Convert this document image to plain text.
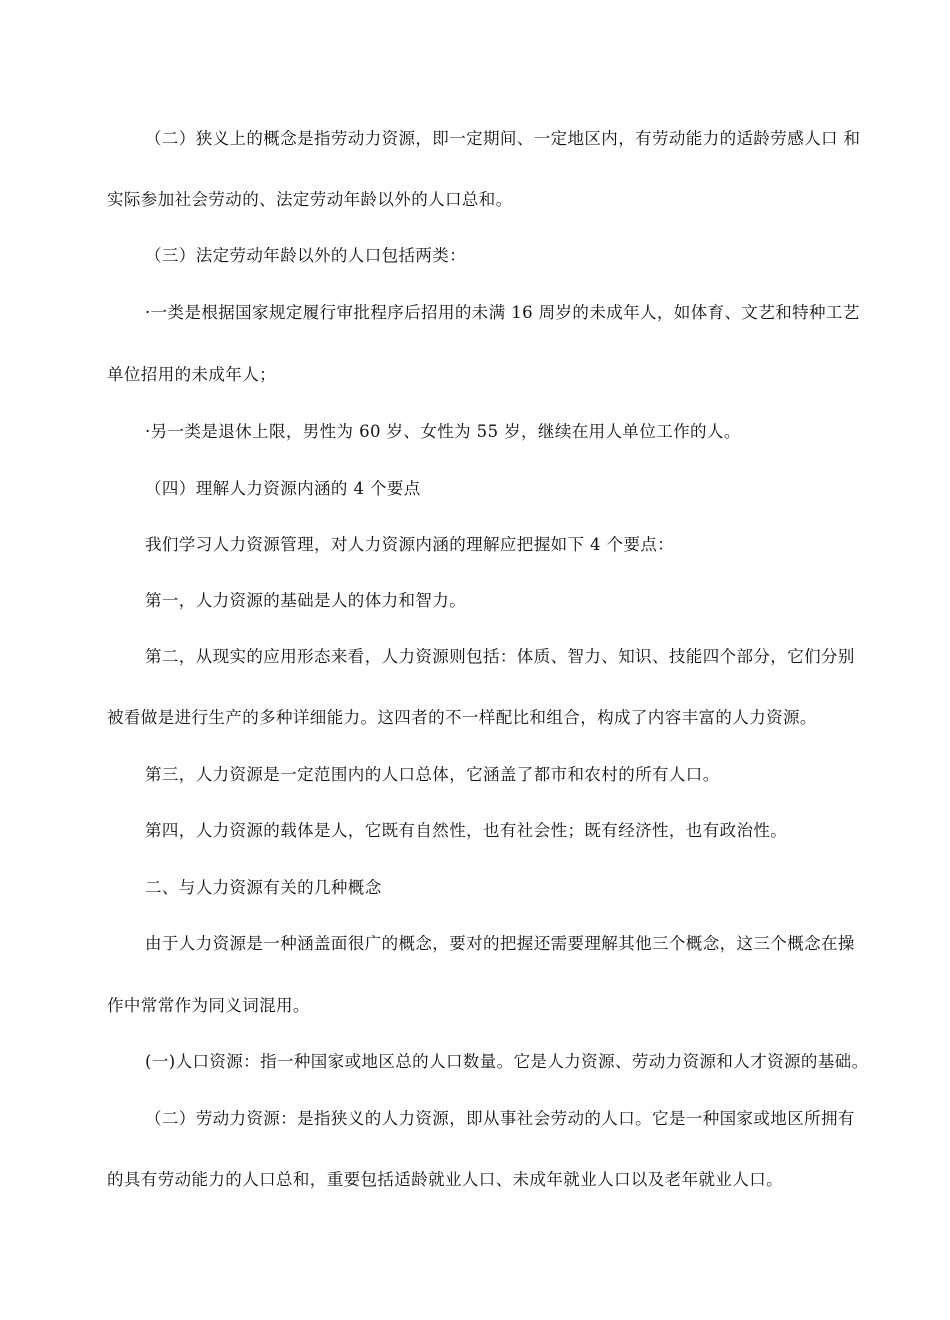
（二）狭义上的概念是指劳动力资源，即一定期间、一定地区内，有劳动能力的适龄劳感人口 和
实际参加社会劳动的、法定劳动年龄以外的人口总和。
（三）法定劳动年龄以外的人口包括两类：
·一类是根据国家规定履行审批程序后招用的未满 16 周岁的未成年人，如体育、文艺和特种工艺
单位招用的未成年人；
·另一类是退休上限，男性为 60 岁、女性为 55 岁，继续在用人单位工作的人。
（四）理解人力资源内涵的 4 个要点
我们学习人力资源管理，对人力资源内涵的理解应把握如下 4 个要点：
第一，人力资源的基础是人的体力和智力。
第二，从现实的应用形态来看，人力资源则包括：体质、智力、知识、技能四个部分，它们分别
被看做是进行生产的多种详细能力。这四者的不一样配比和组合，构成了内容丰富的人力资源。
第三，人力资源是一定范围内的人口总体，它涵盖了都市和农村的所有人口。
第四，人力资源的载体是人，它既有自然性，也有社会性；既有经济性，也有政治性。
二、与人力资源有关的几种概念
由于人力资源是一种涵盖面很广的概念，要对的把握还需要理解其他三个概念，这三个概念在操
作中常常作为同义词混用。
(一)人口资源：指一种国家或地区总的人口数量。它是人力资源、劳动力资源和人才资源的基础。
（二）劳动力资源：是指狭义的人力资源，即从事社会劳动的人口。它是一种国家或地区所拥有
的具有劳动能力的人口总和，重要包括适龄就业人口、未成年就业人口以及老年就业人口。
